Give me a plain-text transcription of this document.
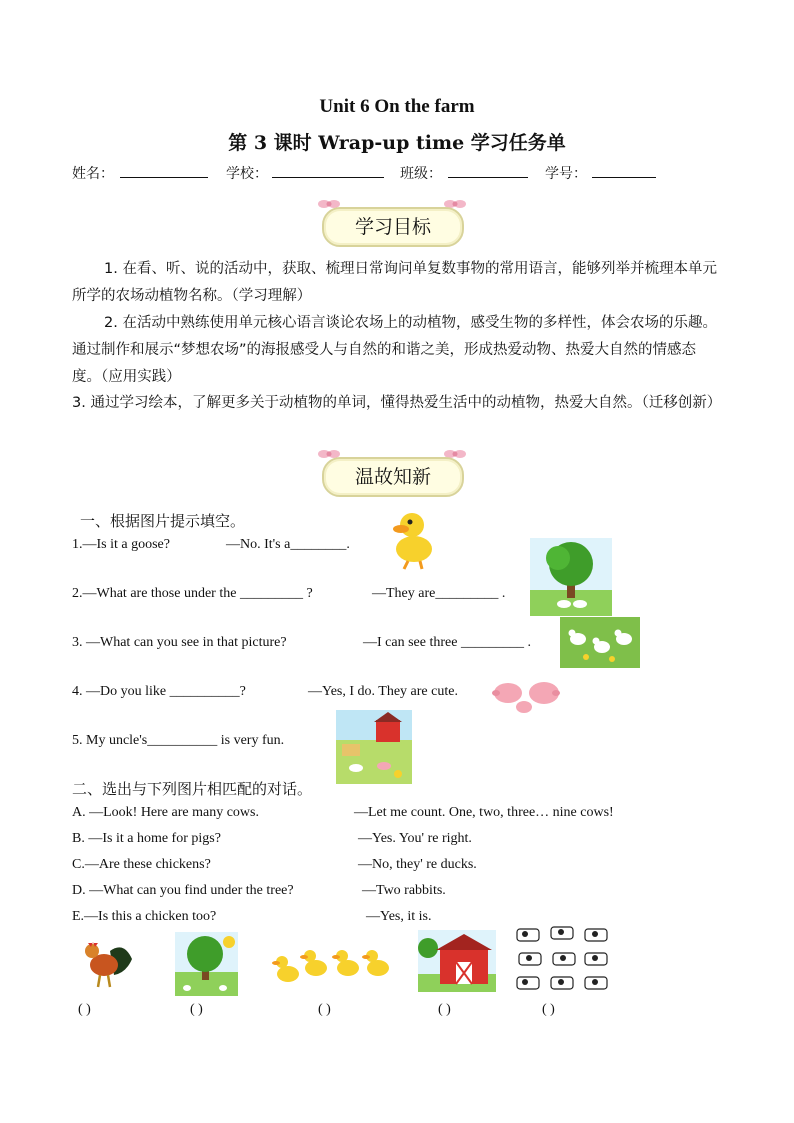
Unit 6 On the farm
第 3 课时 Wrap-up time 学习任务单
姓名：	学校：	班级：	学号：
学习目标
1. 在看、听、说的活动中，获取、梳理日常询问单复数事物的常用语言，能够列举并梳理本单元所学的农场动植物名称。（学习理解）
2. 在活动中熟练使用单元核心语言谈论农场上的动植物，感受生物的多样性，体会农场的乐趣。通过制作和展示“梦想农场”的海报感受人与自然的和谐之美，形成热爱动物、热爱大自然的情感态度。（应用实践）
3. 通过学习绘本，了解更多关于动植物的单词，懂得热爱生活中的动植物，热爱大自然。（迁移创新）
温故知新
一、根据图片提示填空。
1.—Is it a goose?	—No. It's a________.
2.—What are those under the _________ ?	—They are_________ .
3. —What can you see in that picture?	—I can see three _________ .
4. —Do you like __________?	—Yes, I do. They are cute.
5. My uncle's__________ is very fun.
二、选出与下列图片相匹配的对话。
A. —Look! Here are many cows.	—Let me count. One, two, three… nine cows!
B. —Is it a home for pigs?	—Yes. You' re right.
C.—Are these chickens?	—No, they' re ducks.
D. —What can you find under the tree?	—Two rabbits.
E.—Is this a chicken too?	—Yes, it is.
( )	( )	( )	( )	( )
